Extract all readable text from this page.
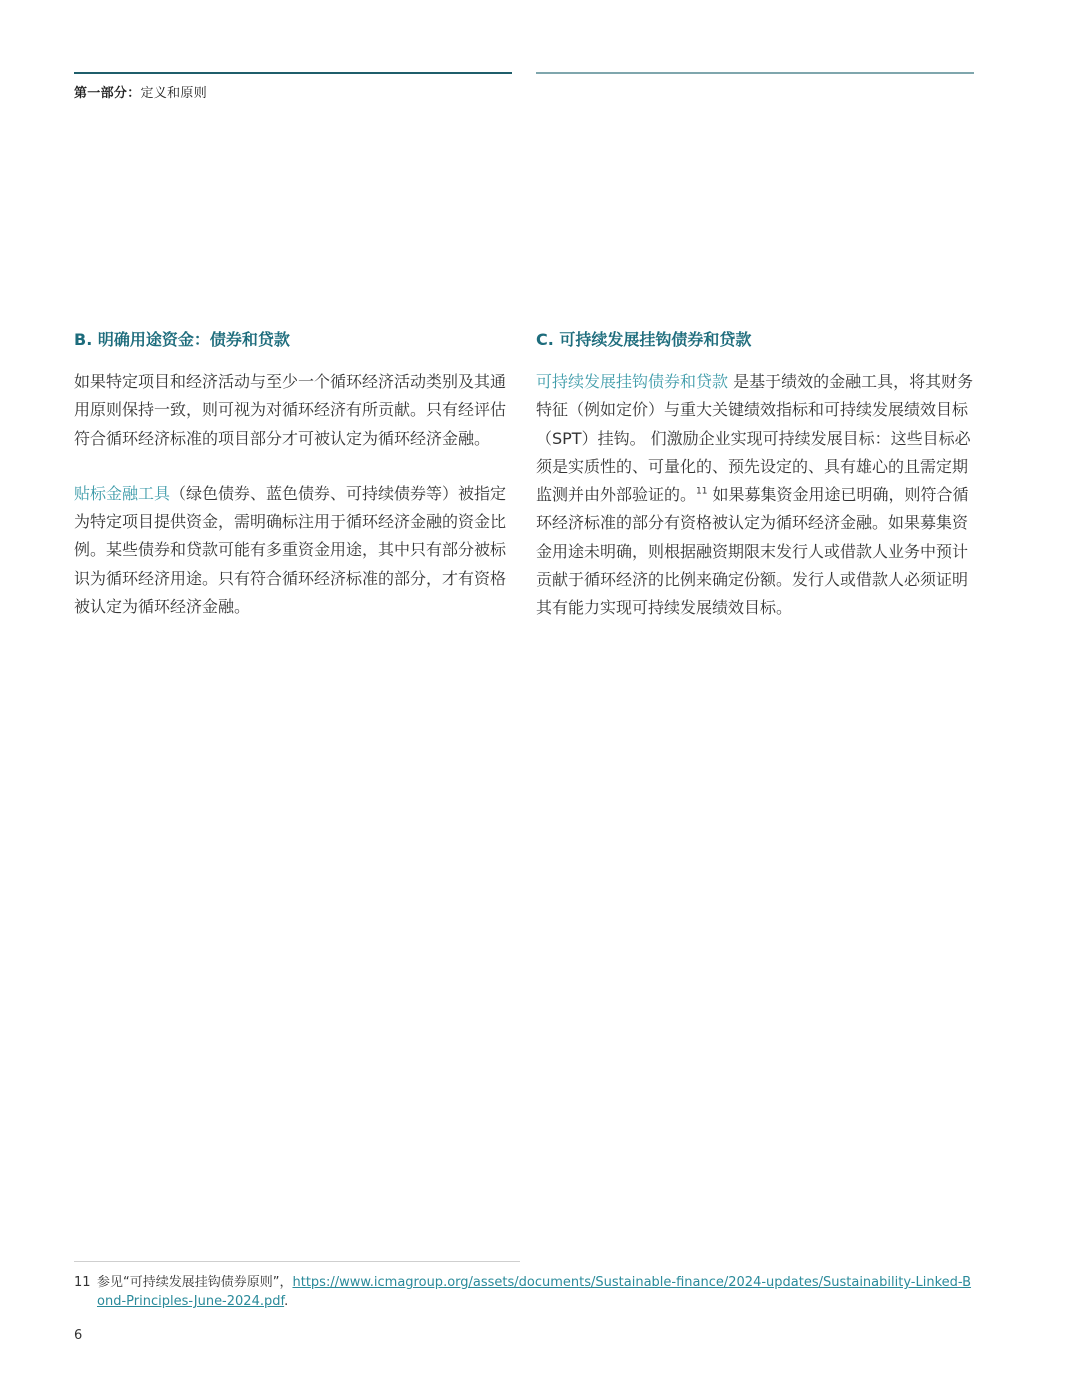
第一部分：定义和原则
B. 明确用途资金：债券和贷款

如果特定项目和经济活动与至少一个循环经济活动类别及其通用原则保持一致，则可视为对循环经济有所贡献。只有经评估符合循环经济标准的项目部分才可被认定为循环经济金融。

贴标金融工具（绿色债券、蓝色债券、可持续债券等）被指定为特定项目提供资金，需明确标注用于循环经济金融的资金比例。某些债券和贷款可能有多重资金用途，其中只有部分被标识为循环经济用途。只有符合循环经济标准的部分，才有资格被认定为循环经济金融。

C. 可持续发展挂钩债券和贷款

可持续发展挂钩债券和贷款 是基于绩效的金融工具，将其财务特征（例如定价）与重大关键绩效指标和可持续发展绩效目标（SPT）挂钩。 们激励企业实现可持续发展目标：这些目标必须是实质性的、可量化的、预先设定的、具有雄心的且需定期监测并由外部验证的。$^{11}$ 如果募集资金用途已明确，则符合循环经济标准的部分有资格被认定为循环经济金融。如果募集资金用途未明确，则根据融资期限末发行人或借款人业务中预计贡献于循环经济的比例来确定份额。发行人或借款人必须证明其有能力实现可持续发展绩效目标。

11 参见“可持续发展挂钩债券原则”，https://www.icmagroup.org/assets/documents/Sustainable-finance/2024-updates/Sustainability-Linked-Bond-Principles-June-2024.pdf.
6
